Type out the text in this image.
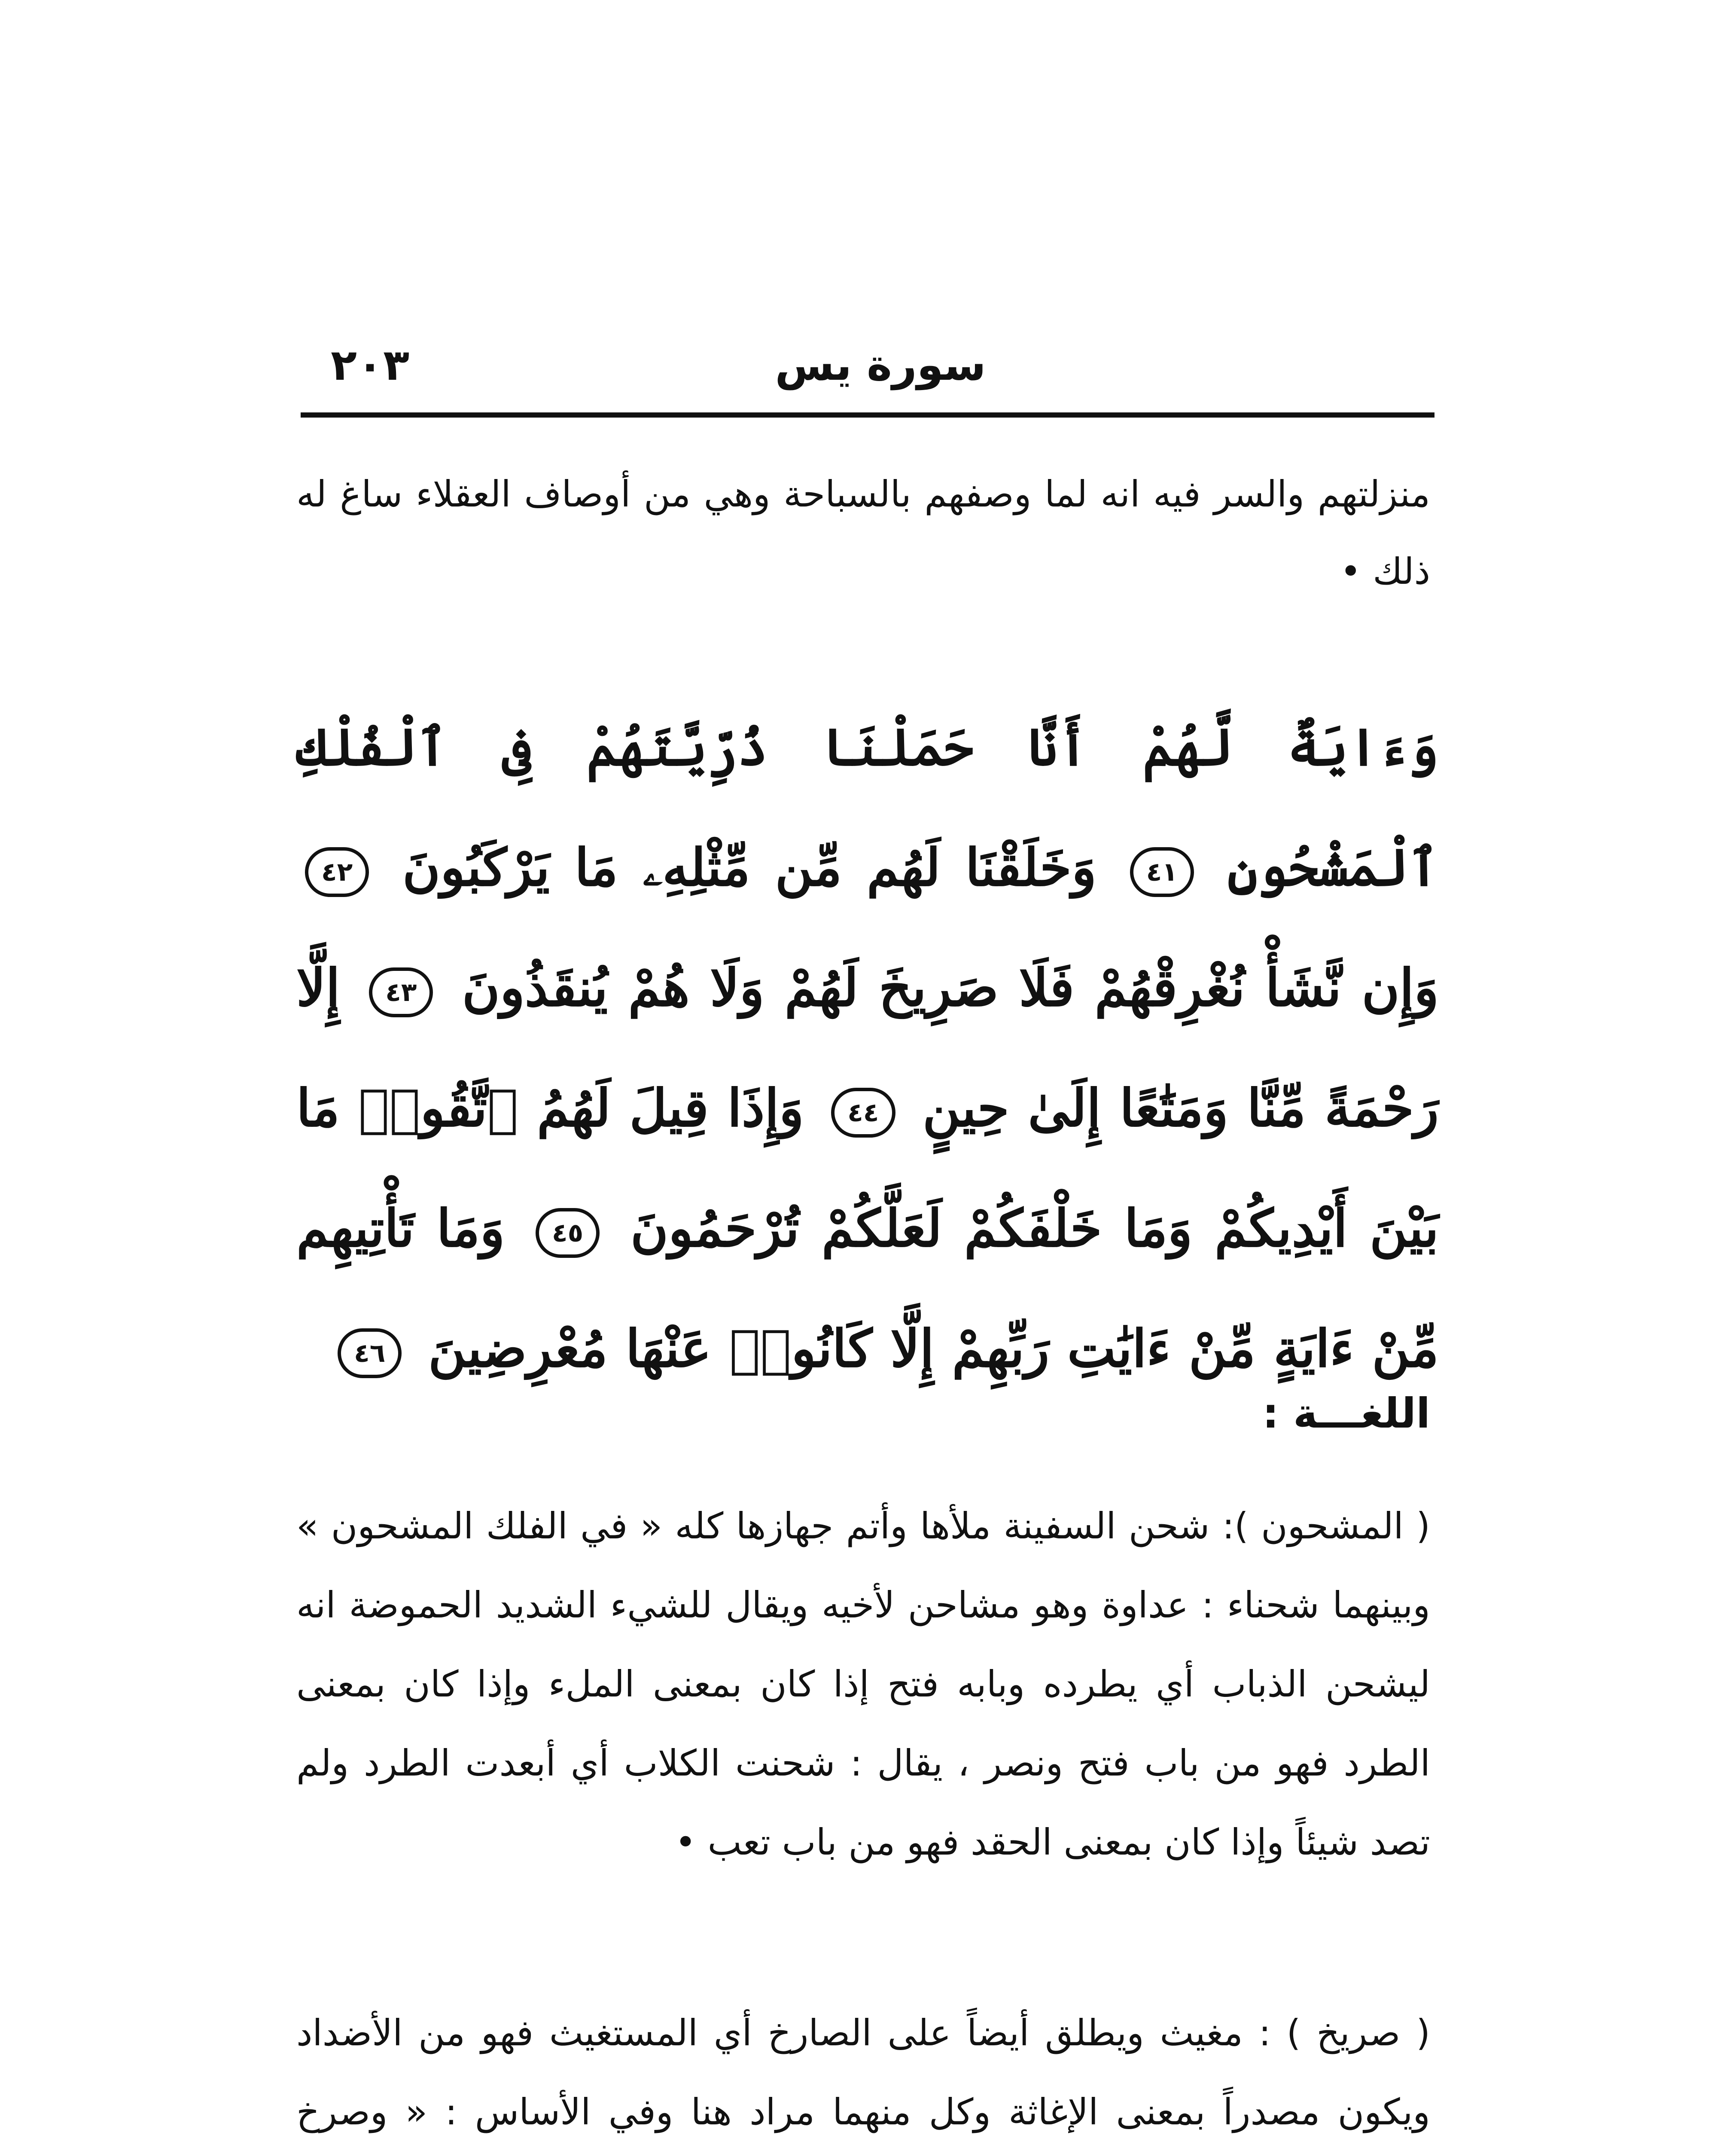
٢٠٣	سورة يس
منزلتهم والسر فيه انه لما وصفهم بالسباحة وهي من أوصاف العقلاء ساغ له ذلك •
وَءَايَةٌ لَّهُمْ أَنَّا حَمَلْنَا ذُرِّيَّتَهُمْ فِى ٱلْفُلْكِ ٱلْمَشْحُونِ ٤١ وَخَلَقْنَا لَهُم مِّن مِّثْلِهِۦ مَا يَرْكَبُونَ ٤٢ وَإِن نَّشَأْ نُغْرِقْهُمْ فَلَا صَرِيخَ لَهُمْ وَلَا هُمْ يُنقَذُونَ ٤٣ إِلَّا رَحْمَةً مِّنَّا وَمَتَٰعًا إِلَىٰ حِينٍ ٤٤ وَإِذَا قِيلَ لَهُمُ ٱتَّقُوا۟ مَا بَيْنَ أَيْدِيكُمْ وَمَا خَلْفَكُمْ لَعَلَّكُمْ تُرْحَمُونَ ٤٥ وَمَا تَأْتِيهِم مِّنْ ءَايَةٍ مِّنْ ءَايَٰتِ رَبِّهِمْ إِلَّا كَانُوا۟ عَنْهَا مُعْرِضِينَ ٤٦
اللغـــة :
( المشحون ): شحن السفينة ملأها وأتم جهازها كله « في الفلك المشحون » وبينهما شحناء : عداوة وهو مشاحن لأخيه ويقال للشيء الشديد الحموضة انه ليشحن الذباب أي يطرده وبابه فتح إذا كان بمعنى الملء وإذا كان بمعنى الطرد فهو من باب فتح ونصر ، يقال : شحنت الكلاب أي أبعدت الطرد ولم تصد شيئاً وإذا كان بمعنى الحقد فهو من باب تعب •
( صريخ ) : مغيث ويطلق أيضاً على الصارخ أي المستغيث فهو من الأضداد ويكون مصدراً بمعنى الإغاثة وكل منهما مراد هنا وفي الأساس : « وصرخ
